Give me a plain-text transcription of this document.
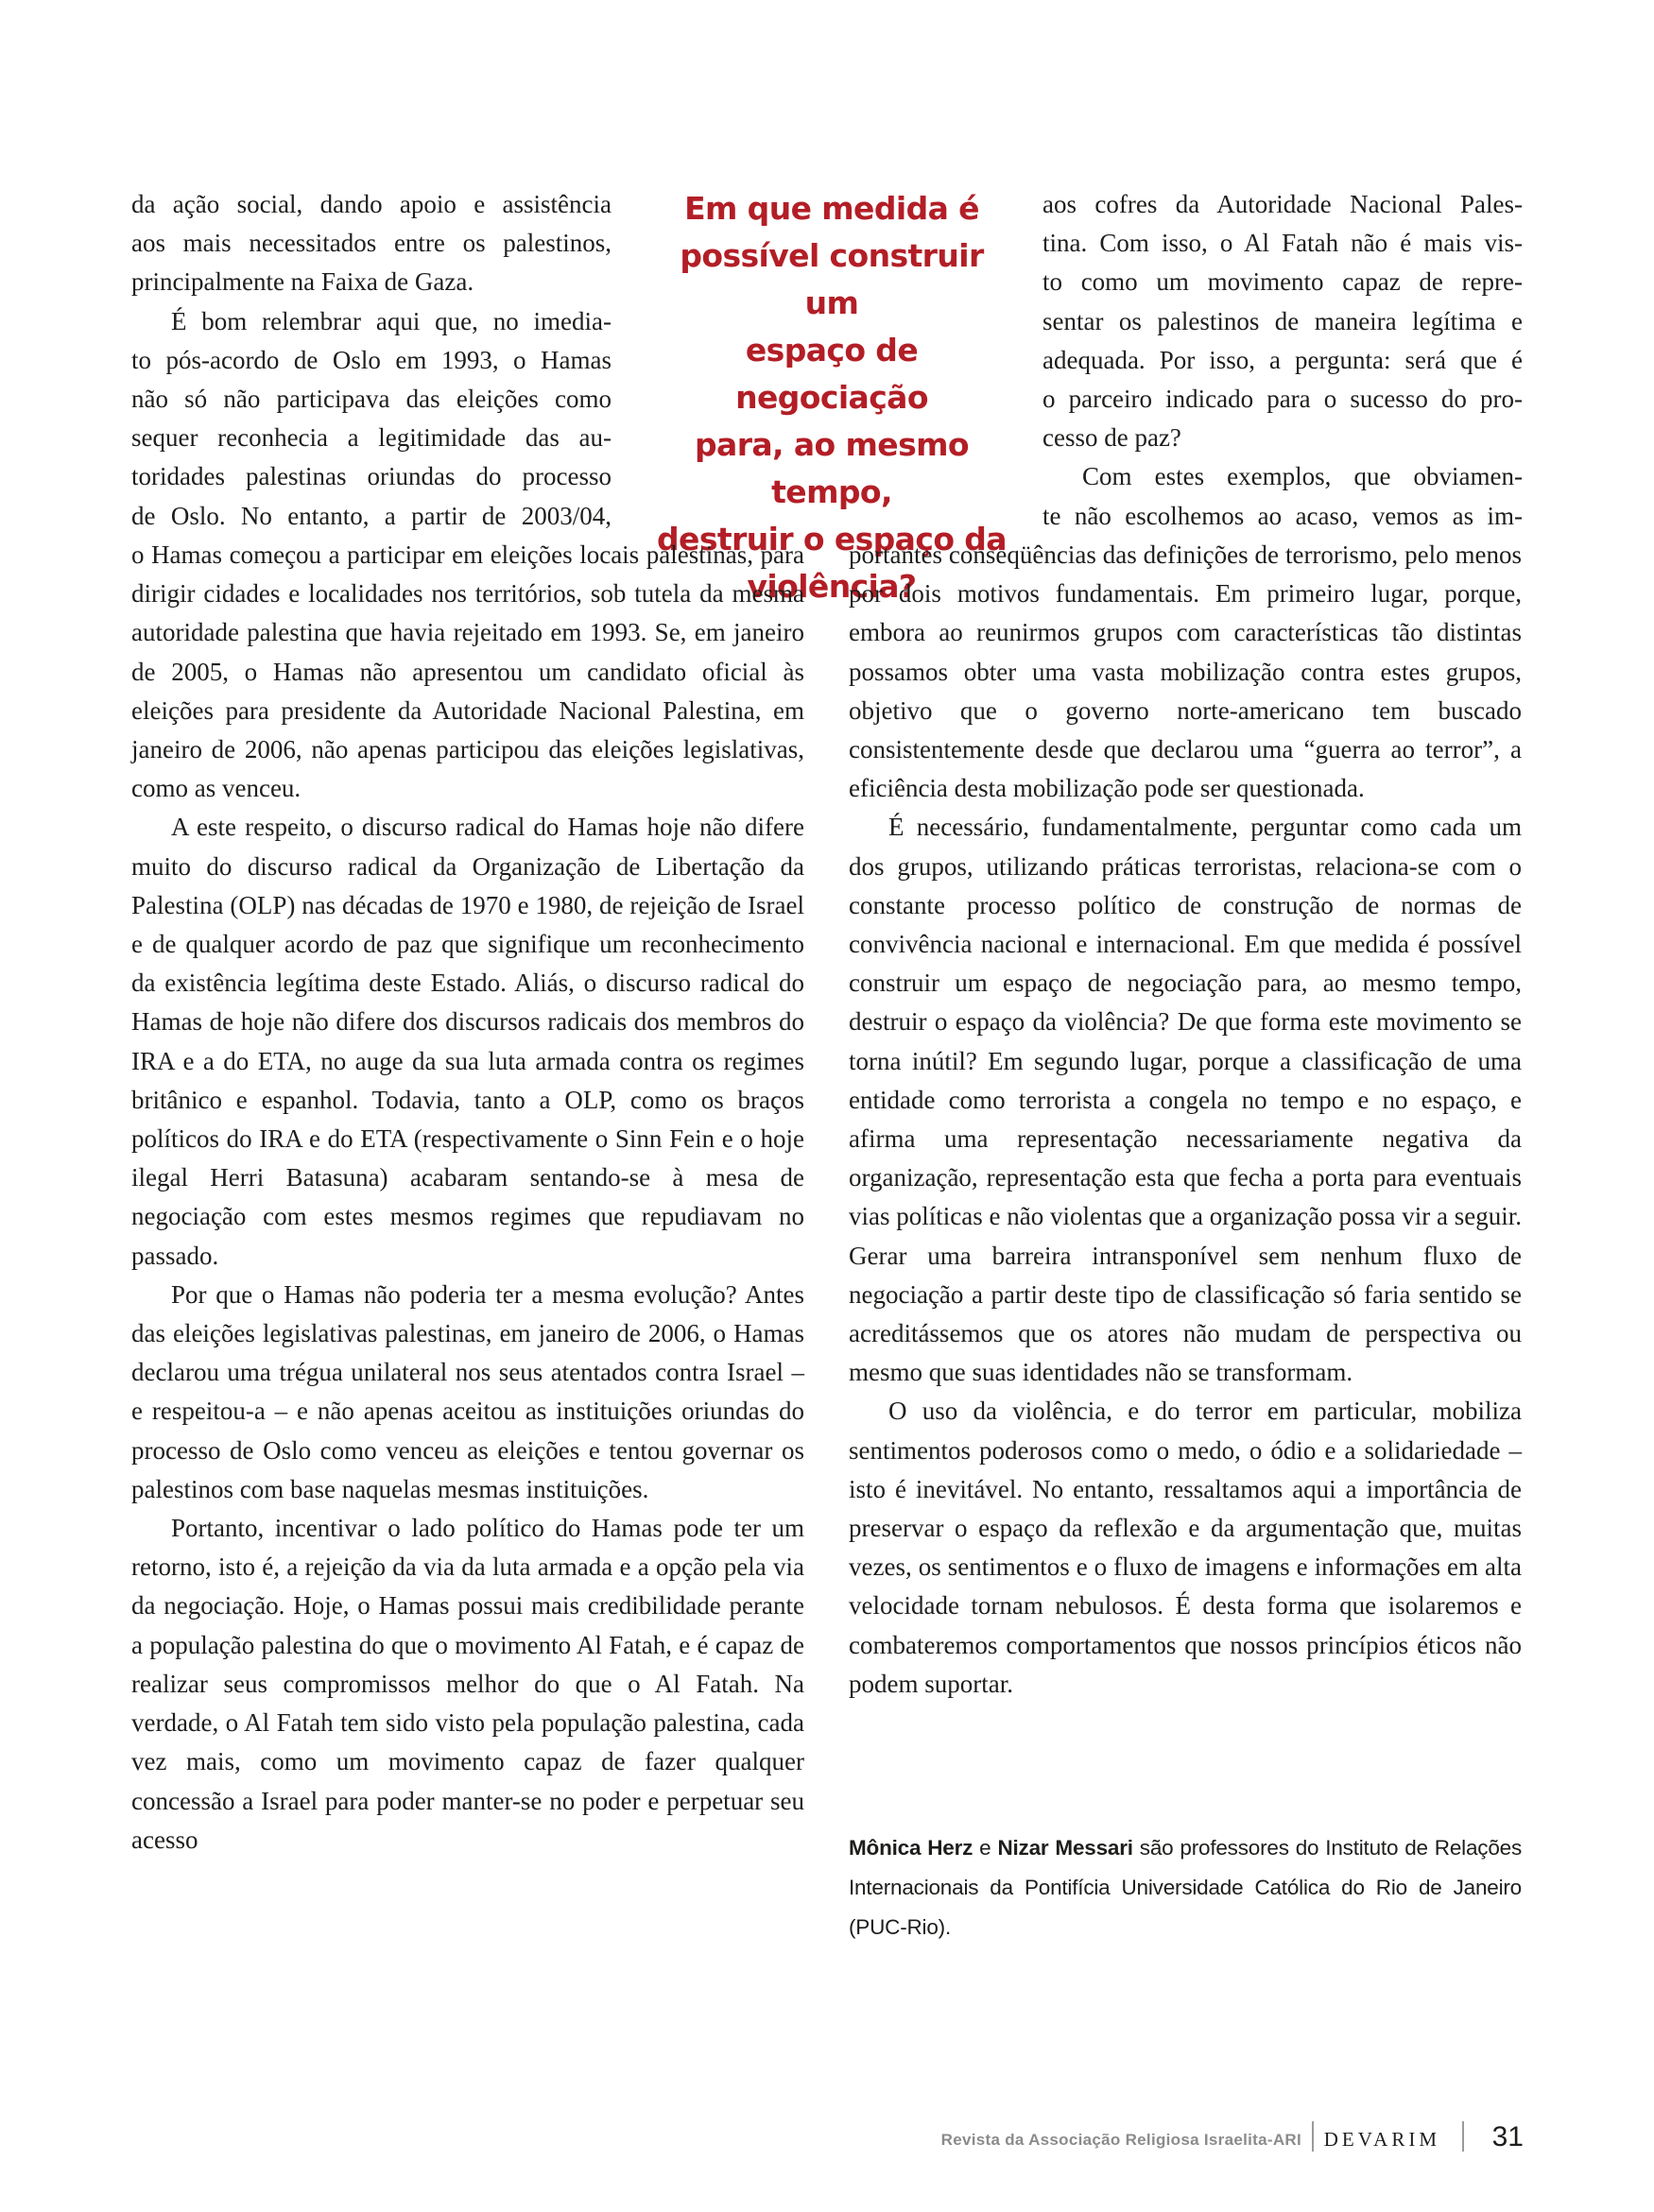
da ação social, dando apoio e assistência

aos mais necessitados entre os palestinos,

principalmente na Faixa de Gaza.

É bom relembrar aqui que, no imedia-

to pós-acordo de Oslo em 1993, o Hamas

não só não participava das eleições como

sequer reconhecia a legitimidade das au-

toridades palestinas oriundas do processo

de Oslo. No entanto, a partir de 2003/04,

Em que medida é
possível construir um
espaço de negociação
para, ao mesmo tempo,
destruir o espaço da
violência?

o Hamas começou a participar em eleições locais palestinas, para dirigir cidades e localidades nos territórios, sob tutela da mesma autoridade palestina que havia rejeitado em 1993. Se, em janeiro de 2005, o Hamas não apresentou um candidato oficial às eleições para presidente da Autoridade Nacional Palestina, em janeiro de 2006, não apenas participou das eleições legislativas, como as venceu.

A este respeito, o discurso radical do Hamas hoje não difere muito do discurso radical da Organização de Libertação da Palestina (OLP) nas décadas de 1970 e 1980, de rejeição de Israel e de qualquer acordo de paz que signifique um reconhecimento da existência legítima deste Estado. Aliás, o discurso radical do Hamas de hoje não difere dos discursos radicais dos membros do IRA e a do ETA, no auge da sua luta armada contra os regimes britânico e espanhol. Todavia, tanto a OLP, como os braços políticos do IRA e do ETA (respectivamente o Sinn Fein e o hoje ilegal Herri Batasuna) acabaram sentando-se à mesa de negociação com estes mesmos regimes que repudiavam no passado.

Por que o Hamas não poderia ter a mesma evolução? Antes das eleições legislativas palestinas, em janeiro de 2006, o Hamas declarou uma trégua unilateral nos seus atentados contra Israel – e respeitou-a – e não apenas aceitou as instituições oriundas do processo de Oslo como venceu as eleições e tentou governar os palestinos com base naquelas mesmas instituições.

Portanto, incentivar o lado político do Hamas pode ter um retorno, isto é, a rejeição da via da luta armada e a opção pela via da negociação. Hoje, o Hamas possui mais credibilidade perante a população palestina do que o movimento Al Fatah, e é capaz de realizar seus compromissos melhor do que o Al Fatah. Na verdade, o Al Fatah tem sido visto pela população palestina, cada vez mais, como um movimento capaz de fazer qualquer concessão a Israel para poder manter-se no poder e perpetuar seu acesso

aos cofres da Autoridade Nacional Pales-

tina. Com isso, o Al Fatah não é mais vis-

to como um movimento capaz de repre-

sentar os palestinos de maneira legítima e

adequada. Por isso, a pergunta: será que é

o parceiro indicado para o sucesso do pro-

cesso de paz?

Com estes exemplos, que obviamen-

te não escolhemos ao acaso, vemos as im-

portantes conseqüências das definições de terrorismo, pelo menos por dois motivos fundamentais. Em primeiro lugar, porque, embora ao reunirmos grupos com características tão distintas possamos obter uma vasta mobilização contra estes grupos, objetivo que o governo norte-americano tem buscado consistentemente desde que declarou uma “guerra ao terror”, a eficiência desta mobilização pode ser questionada.

É necessário, fundamentalmente, perguntar como cada um dos grupos, utilizando práticas terroristas, relaciona-se com o constante processo político de construção de normas de convivência nacional e internacional. Em que medida é possível construir um espaço de negociação para, ao mesmo tempo, destruir o espaço da violência? De que forma este movimento se torna inútil? Em segundo lugar, porque a classificação de uma entidade como terrorista a congela no tempo e no espaço, e afirma uma representação necessariamente negativa da organização, representação esta que fecha a porta para eventuais vias políticas e não violentas que a organização possa vir a seguir. Gerar uma barreira intransponível sem nenhum fluxo de negociação a partir deste tipo de classificação só faria sentido se acreditássemos que os atores não mudam de perspectiva ou mesmo que suas identidades não se transformam.

O uso da violência, e do terror em particular, mobiliza sentimentos poderosos como o medo, o ódio e a solidariedade – isto é inevitável. No entanto, ressaltamos aqui a importância de preservar o espaço da reflexão e da argumentação que, muitas vezes, os sentimentos e o fluxo de imagens e informações em alta velocidade tornam nebulosos. É desta forma que isolaremos e combateremos comportamentos que nossos princípios éticos não podem suportar.

Mônica Herz e Nizar Messari são professores do Instituto de Relações Internacionais da Pontifícia Universidade Católica do Rio de Janeiro (PUC-Rio).
Revista da Associação Religiosa Israelita-ARI DEVARIM 31
